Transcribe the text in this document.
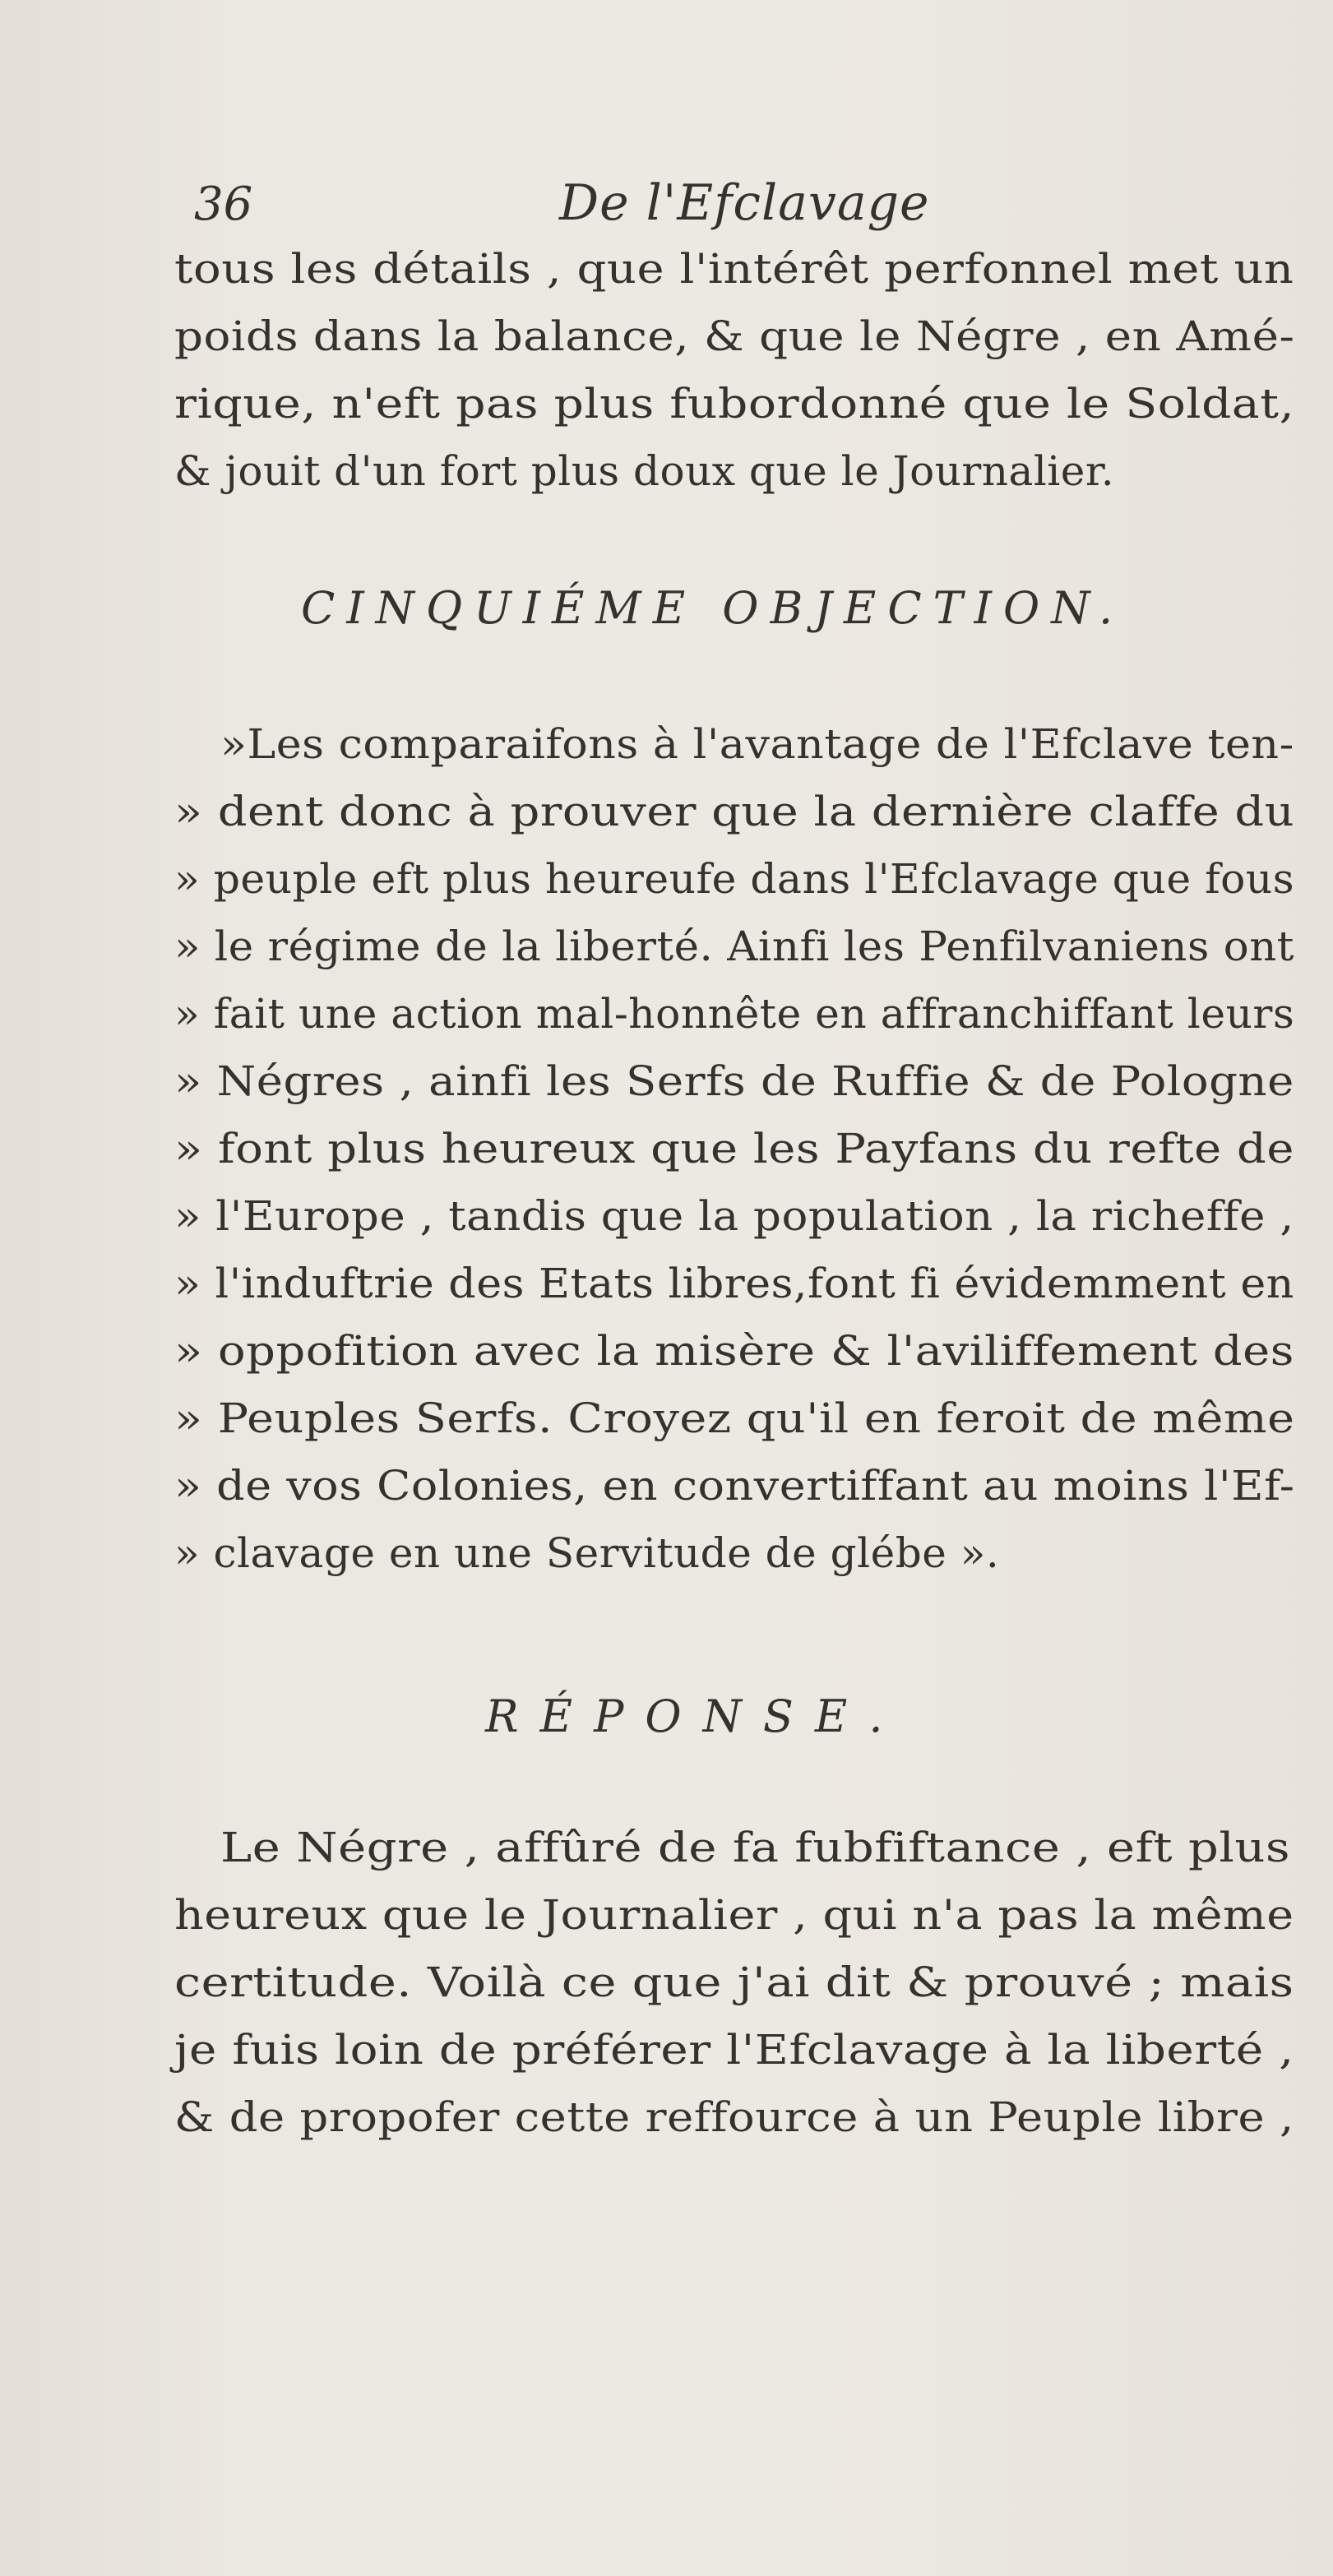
36	De l'Efclavage
tous les détails , que l'intérêt perfonnel met un
poids dans la balance, & que le Négre , en Amé-
rique, n'eft pas plus fubordonné que le Soldat,
& jouit d'un fort plus doux que le Journalier.
CINQUIÉME OBJECTION.
»Les comparaifons à l'avantage de l'Efclave ten-
» dent donc à prouver que la dernière claffe du
» peuple eft plus heureufe dans l'Efclavage que fous
» le régime de la liberté. Ainfi les Penfilvaniens ont
» fait une action mal-honnête en affranchiffant leurs
» Négres , ainfi les Serfs de Ruffie & de Pologne
» font plus heureux que les Payfans du refte de
» l'Europe , tandis que la population , la richeffe ,
» l'induftrie des Etats libres,font fi évidemment en
» oppofition avec la misère & l'aviliffement des
» Peuples Serfs. Croyez qu'il en feroit de même
» de vos Colonies, en convertiffant au moins l'Ef-
» clavage en une Servitude de glébe ».
RÉPONSE.
Le Négre , affûré de fa fubfiftance , eft plus
heureux que le Journalier , qui n'a pas la même
certitude. Voilà ce que j'ai dit & prouvé ; mais
je fuis loin de préférer l'Efclavage à la liberté ,
& de propofer cette reffource à un Peuple libre ,
